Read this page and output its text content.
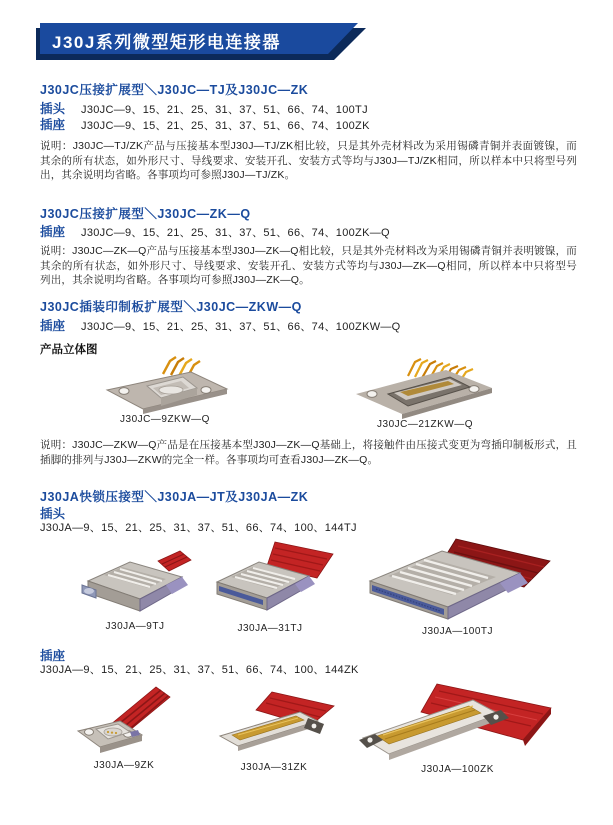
J30J系列微型矩形电连接器
J30JC压接扩展型＼J30JC—TJ及J30JC—ZK
插头 J30JC—9、15、21、25、31、37、51、66、74、100TJ
插座 J30JC—9、15、21、25、31、37、51、66、74、100ZK
说明：J30JC—TJ/ZK产品与压接基本型J30J—TJ/ZK相比较，只是其外壳材料改为采用锡磷青铜并表面镀镍，而其余的所有状态，如外形尺寸、导线要求、安装开孔、安装方式等均与J30J—TJ/ZK相同，所以样本中只将型号列出，其余说明均省略。各事项均可参照J30J—TJ/ZK。
J30JC压接扩展型＼J30JC—ZK—Q
插座 J30JC—9、15、21、25、31、37、51、66、74、100ZK—Q
说明：J30JC—ZK—Q产品与压接基本型J30J—ZK—Q相比较，只是其外壳材料改为采用锡磷青铜并表明镀镍，而其余的所有状态，如外形尺寸、导线要求、安装开孔、安装方式等均与J30J—ZK—Q相同，所以样本中只将型号列出，其余说明均省略。各事项均可参照J30J—ZK—Q。
J30JC插装印制板扩展型＼J30JC—ZKW—Q
插座 J30JC—9、15、21、25、31、37、51、66、74、100ZKW—Q
产品立体图
J30JC—9ZKW—Q	J30JC—21ZKW—Q
说明：J30JC—ZKW—Q产品是在压接基本型J30J—ZK—Q基础上，将接触件由压接式变更为弯插印制板形式，且插脚的排列与J30J—ZKW的完全一样。各事项均可查看J30J—ZK—Q。
J30JA快锁压接型＼J30JA—JT及J30JA—ZK
插头
J30JA—9、15、21、25、31、37、51、66、74、100、144TJ
J30JA—9TJ	J30JA—31TJ	J30JA—100TJ
插座
J30JA—9、15、21、25、31、37、51、66、74、100、144ZK
J30JA—9ZK	J30JA—31ZK	J30JA—100ZK
